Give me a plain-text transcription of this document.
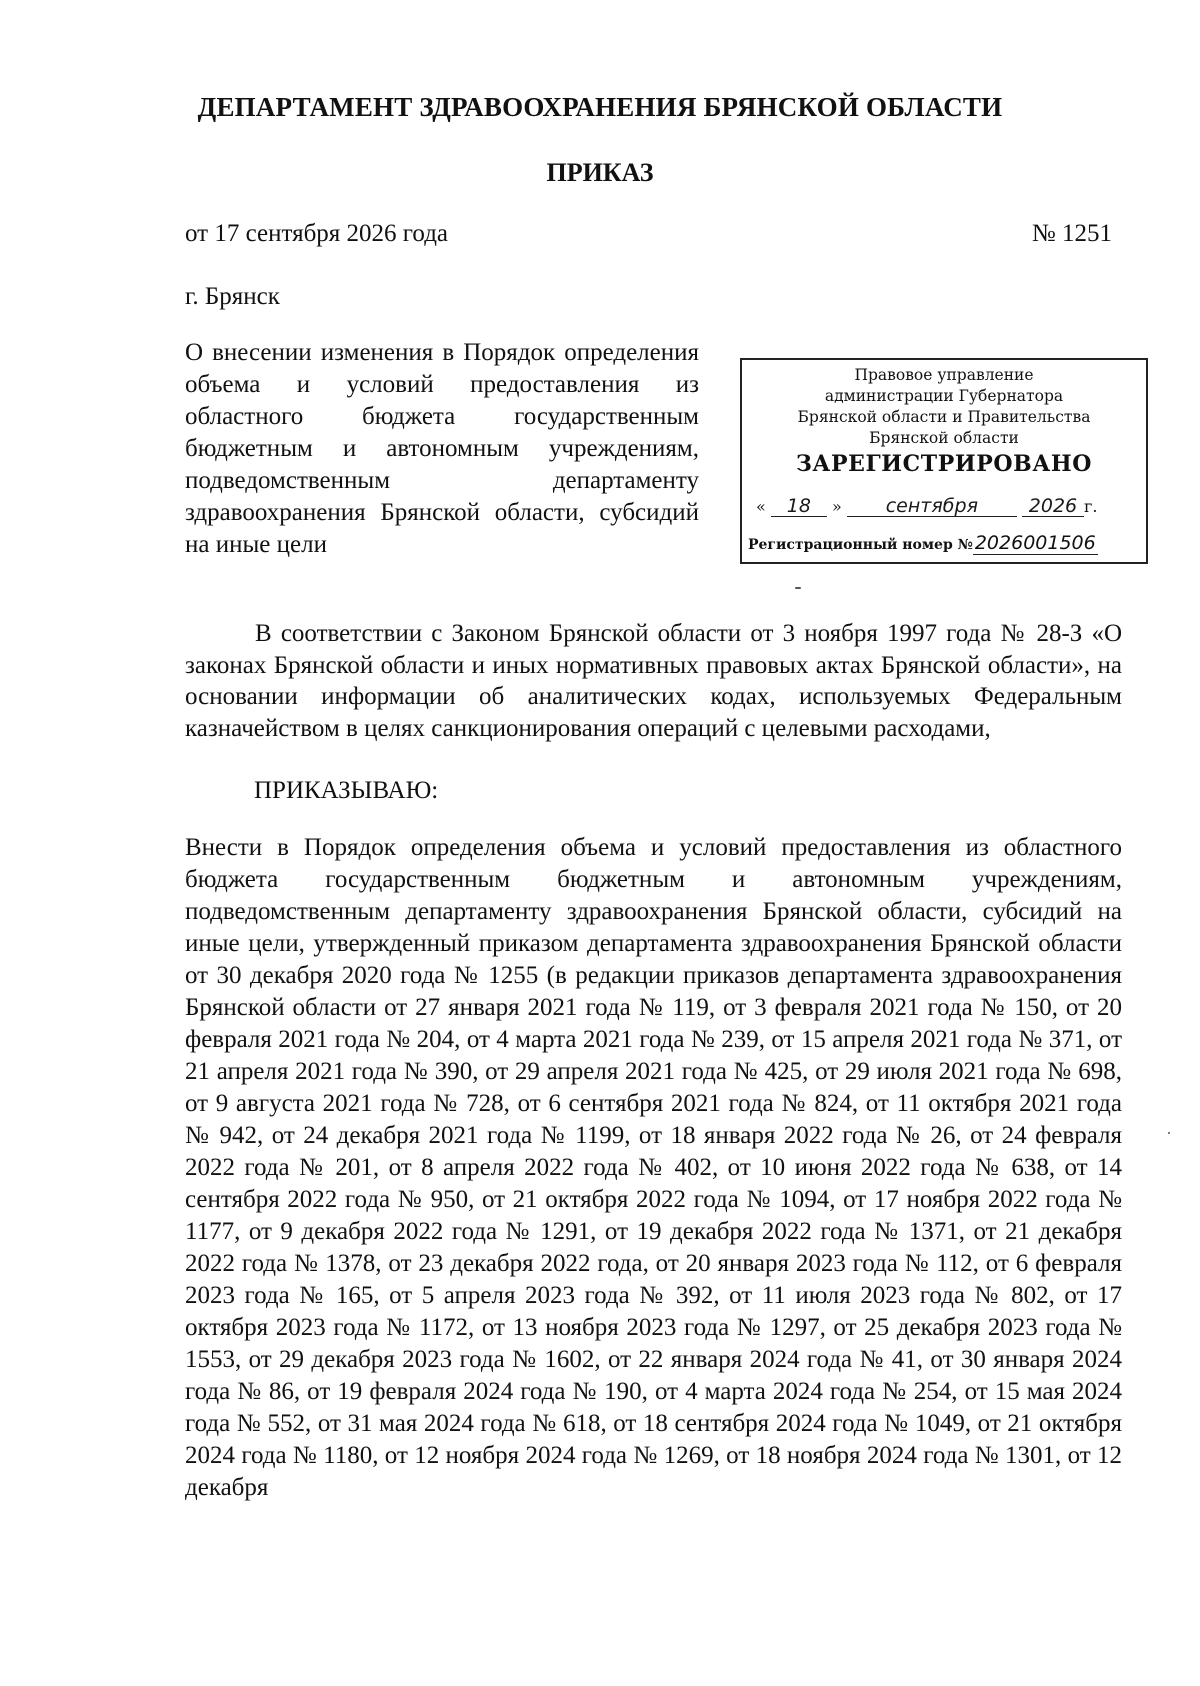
ДЕПАРТАМЕНТ ЗДРАВООХРАНЕНИЯ БРЯНСКОЙ ОБЛАСТИ
ПРИКАЗ
от 17 сентября 2026 года	№ 1251
г. Брянск
О внесении изменения в Порядок определения объема и условий предоставления из областного бюджета государственным бюджетным и автономным учреждениям, подведомственным департаменту здравоохранения Брянской области, субсидий на иные цели
Правовое управление
администрации Губернатора
Брянской области и Правительства
Брянской области
ЗАРЕГИСТРИРОВАНО
« 18 » сентября	2026 г.
Регистрационный номер № 2026001506
В соответствии с Законом Брянской области от 3 ноября 1997 года № 28-З «О законах Брянской области и иных нормативных правовых актах Брянской области», на основании информации об аналитических кодах, используемых Федеральным казначейством в целях санкционирования операций с целевыми расходами,
ПРИКАЗЫВАЮ:
Внести в Порядок определения объема и условий предоставления из областного бюджета государственным бюджетным и автономным учреждениям, подведомственным департаменту здравоохранения Брянской области, субсидий на иные цели, утвержденный приказом департамента здравоохранения Брянской области от 30 декабря 2020 года № 1255 (в редакции приказов департамента здравоохранения Брянской области от 27 января 2021 года № 119, от 3 февраля 2021 года № 150, от 20 февраля 2021 года № 204, от 4 марта 2021 года № 239, от 15 апреля 2021 года № 371, от 21 апреля 2021 года № 390, от 29 апреля 2021 года № 425, от 29 июля 2021 года № 698, от 9 августа 2021 года № 728, от 6 сентября 2021 года № 824, от 11 октября 2021 года № 942, от 24 декабря 2021 года № 1199, от 18 января 2022 года № 26, от 24 февраля 2022 года № 201, от 8 апреля 2022 года № 402, от 10 июня 2022 года № 638, от 14 сентября 2022 года № 950, от 21 октября 2022 года № 1094, от 17 ноября 2022 года № 1177, от 9 декабря 2022 года № 1291, от 19 декабря 2022 года № 1371, от 21 декабря 2022 года № 1378, от 23 декабря 2022 года, от 20 января 2023 года № 112, от 6 февраля 2023 года № 165, от 5 апреля 2023 года № 392, от 11 июля 2023 года № 802, от 17 октября 2023 года № 1172, от 13 ноября 2023 года № 1297, от 25 декабря 2023 года № 1553, от 29 декабря 2023 года № 1602, от 22 января 2024 года № 41, от 30 января 2024 года № 86, от 19 февраля 2024 года № 190, от 4 марта 2024 года № 254, от 15 мая 2024 года № 552, от 31 мая 2024 года № 618, от 18 сентября 2024 года № 1049, от 21 октября 2024 года № 1180, от 12 ноября 2024 года № 1269, от 18 ноября 2024 года № 1301, от 12 декабря
